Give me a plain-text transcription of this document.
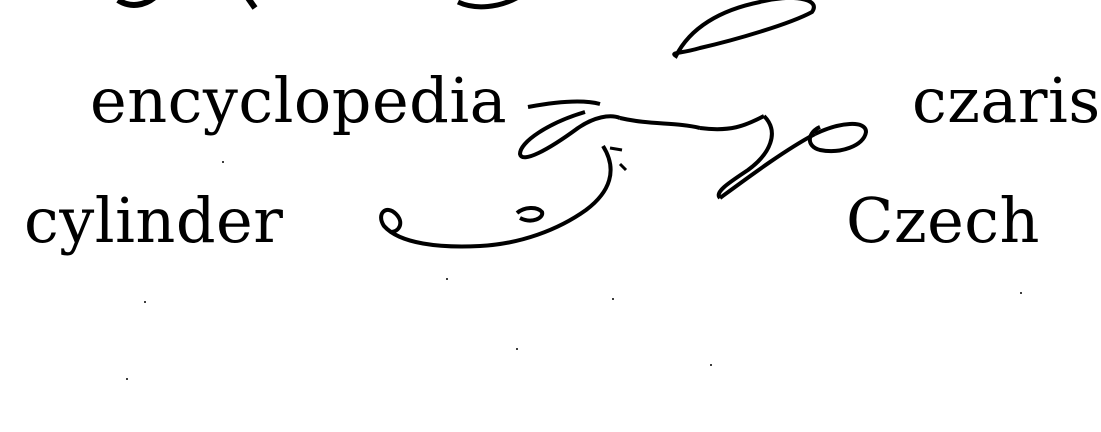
encyclopedia	czaris
cylinder	Czech
